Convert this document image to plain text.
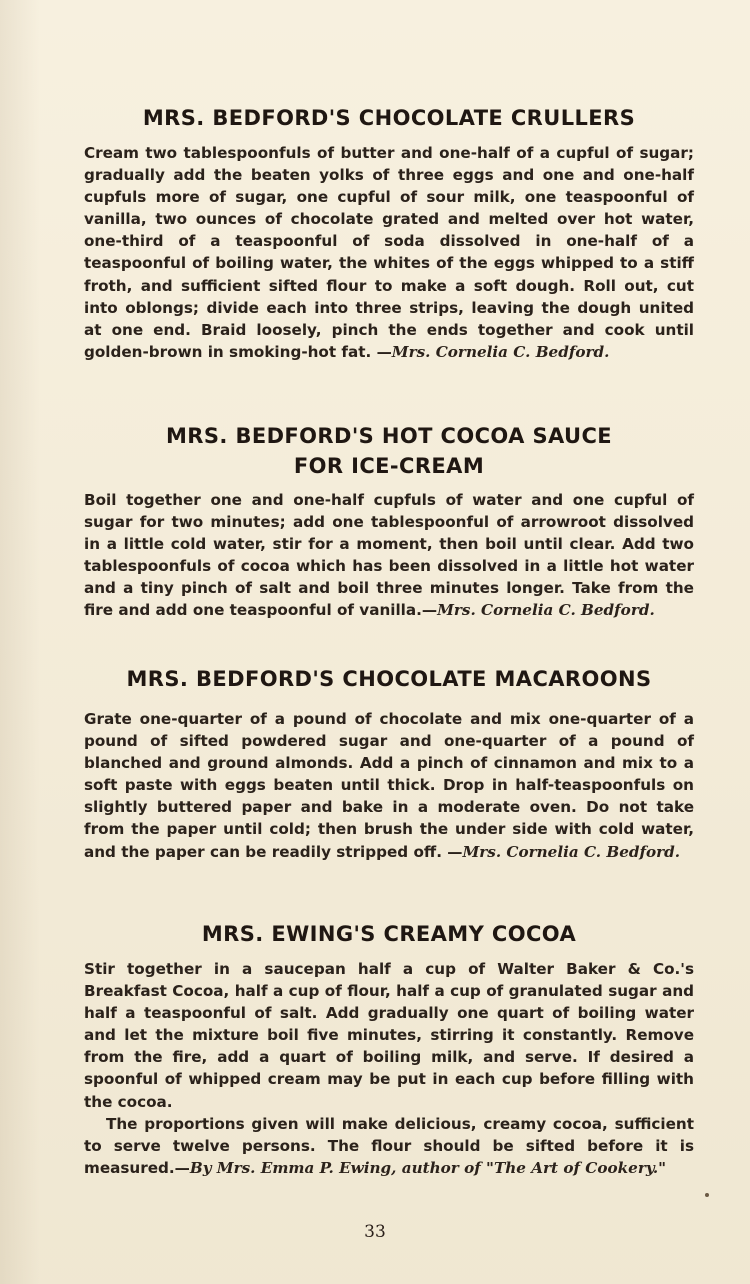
MRS. BEDFORD'S CHOCOLATE CRULLERS

Cream two tablespoonfuls of butter and one-half of a cupful of sugar; gradually add the beaten yolks of three eggs and one and one-half cupfuls more of sugar, one cupful of sour milk, one teaspoonful of vanilla, two ounces of chocolate grated and melted over hot water, one-third of a teaspoonful of soda dissolved in one-half of a teaspoonful of boiling water, the whites of the eggs whipped to a stiff froth, and sufficient sifted flour to make a soft dough. Roll out, cut into oblongs; divide each into three strips, leaving the dough united at one end. Braid loosely, pinch the ends together and cook until golden-brown in smoking-hot fat. —Mrs. Cornelia C. Bedford.

MRS. BEDFORD'S HOT COCOA SAUCE
FOR ICE-CREAM

Boil together one and one-half cupfuls of water and one cupful of sugar for two minutes; add one tablespoonful of arrowroot dissolved in a little cold water, stir for a moment, then boil until clear. Add two tablespoonfuls of cocoa which has been dissolved in a little hot water and a tiny pinch of salt and boil three minutes longer. Take from the fire and add one teaspoonful of vanilla.—Mrs. Cornelia C. Bedford.

MRS. BEDFORD'S CHOCOLATE MACAROONS

Grate one-quarter of a pound of chocolate and mix one-quarter of a pound of sifted powdered sugar and one-quarter of a pound of blanched and ground almonds. Add a pinch of cinnamon and mix to a soft paste with eggs beaten until thick. Drop in half-teaspoonfuls on slightly buttered paper and bake in a moderate oven. Do not take from the paper until cold; then brush the under side with cold water, and the paper can be readily stripped off. —Mrs. Cornelia C. Bedford.

MRS. EWING'S CREAMY COCOA

Stir together in a saucepan half a cup of Walter Baker & Co.'s Breakfast Cocoa, half a cup of flour, half a cup of granulated sugar and half a teaspoonful of salt. Add gradually one quart of boiling water and let the mixture boil five minutes, stirring it constantly. Remove from the fire, add a quart of boiling milk, and serve. If desired a spoonful of whipped cream may be put in each cup before filling with the cocoa.

The proportions given will make delicious, creamy cocoa, sufficient to serve twelve persons. The flour should be sifted before it is measured.—By Mrs. Emma P. Ewing, author of "The Art of Cookery."

33
